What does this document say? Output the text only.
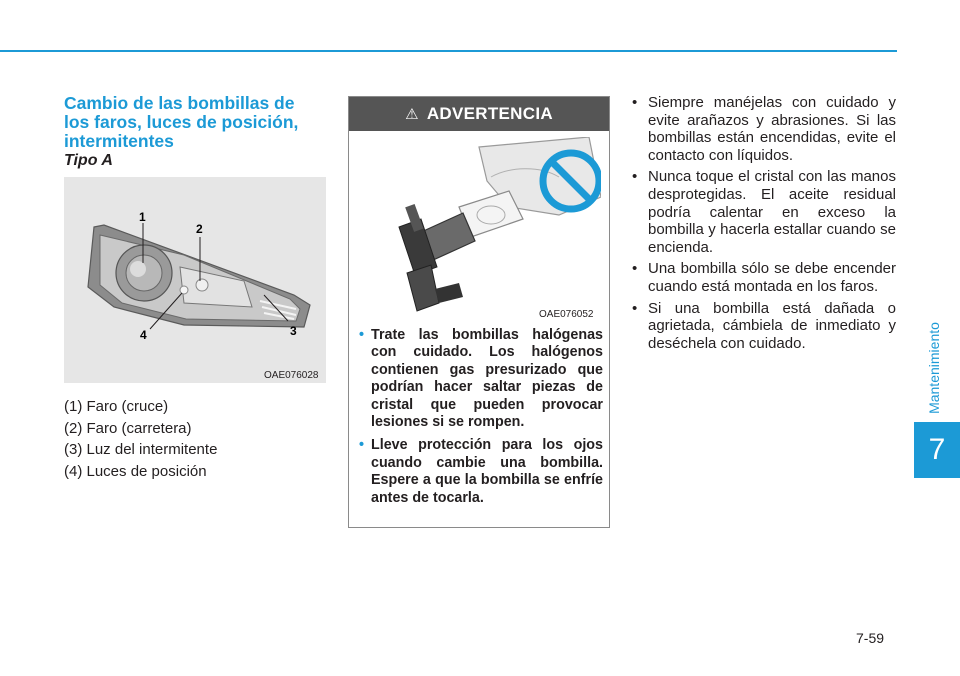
Mantenimiento
7
Cambio de las bombillas de los faros, luces de posición, intermitentes
Tipo A
1
2
3
4
OAE076028
(1) Faro (cruce)
(2) Faro (carretera)
(3) Luz del intermitente
(4) Luces de posición
⚠ ADVERTENCIA
OAE076052
• Trate las bombillas halógenas con cuidado. Los halógenos contienen gas presurizado que podrían hacer saltar piezas de cristal que pueden provocar lesiones si se rompen.
• Lleve protección para los ojos cuando cambie una bombilla. Espere a que la bombilla se enfríe antes de tocarla.
• Siempre manéjelas con cuidado y evite arañazos y abrasiones. Si las bombillas están encendidas, evite el contacto con líquidos.
• Nunca toque el cristal con las manos desprotegidas. El aceite residual podría calentar en exceso la bombilla y hacerla estallar cuando se encienda.
• Una bombilla sólo se debe encender cuando está montada en los faros.
• Si una bombilla está dañada o agrietada, cámbiela de inmediato y deséchela con cuidado.
7-59
